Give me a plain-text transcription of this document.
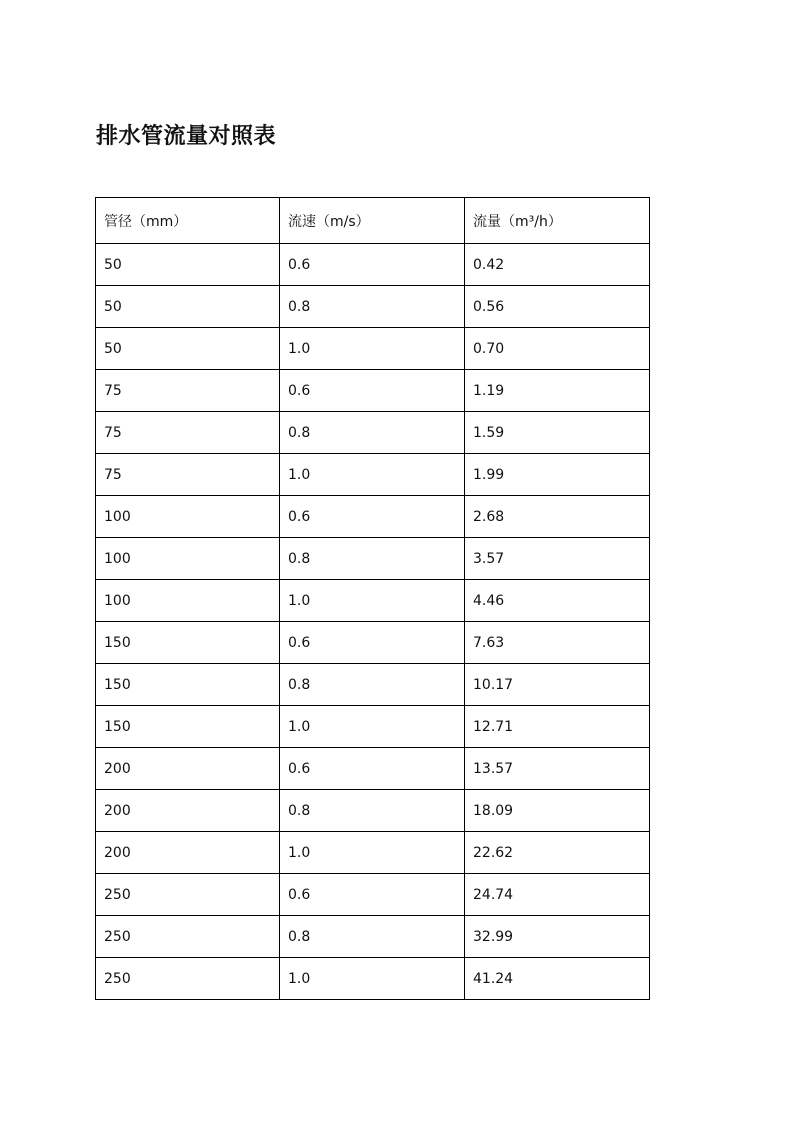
排水管流量对照表
管径（mm）	流速（m/s）	流量（m³/h）
50	0.6	0.42
50	0.8	0.56
50	1.0	0.70
75	0.6	1.19
75	0.8	1.59
75	1.0	1.99
100	0.6	2.68
100	0.8	3.57
100	1.0	4.46
150	0.6	7.63
150	0.8	10.17
150	1.0	12.71
200	0.6	13.57
200	0.8	18.09
200	1.0	22.62
250	0.6	24.74
250	0.8	32.99
250	1.0	41.24
